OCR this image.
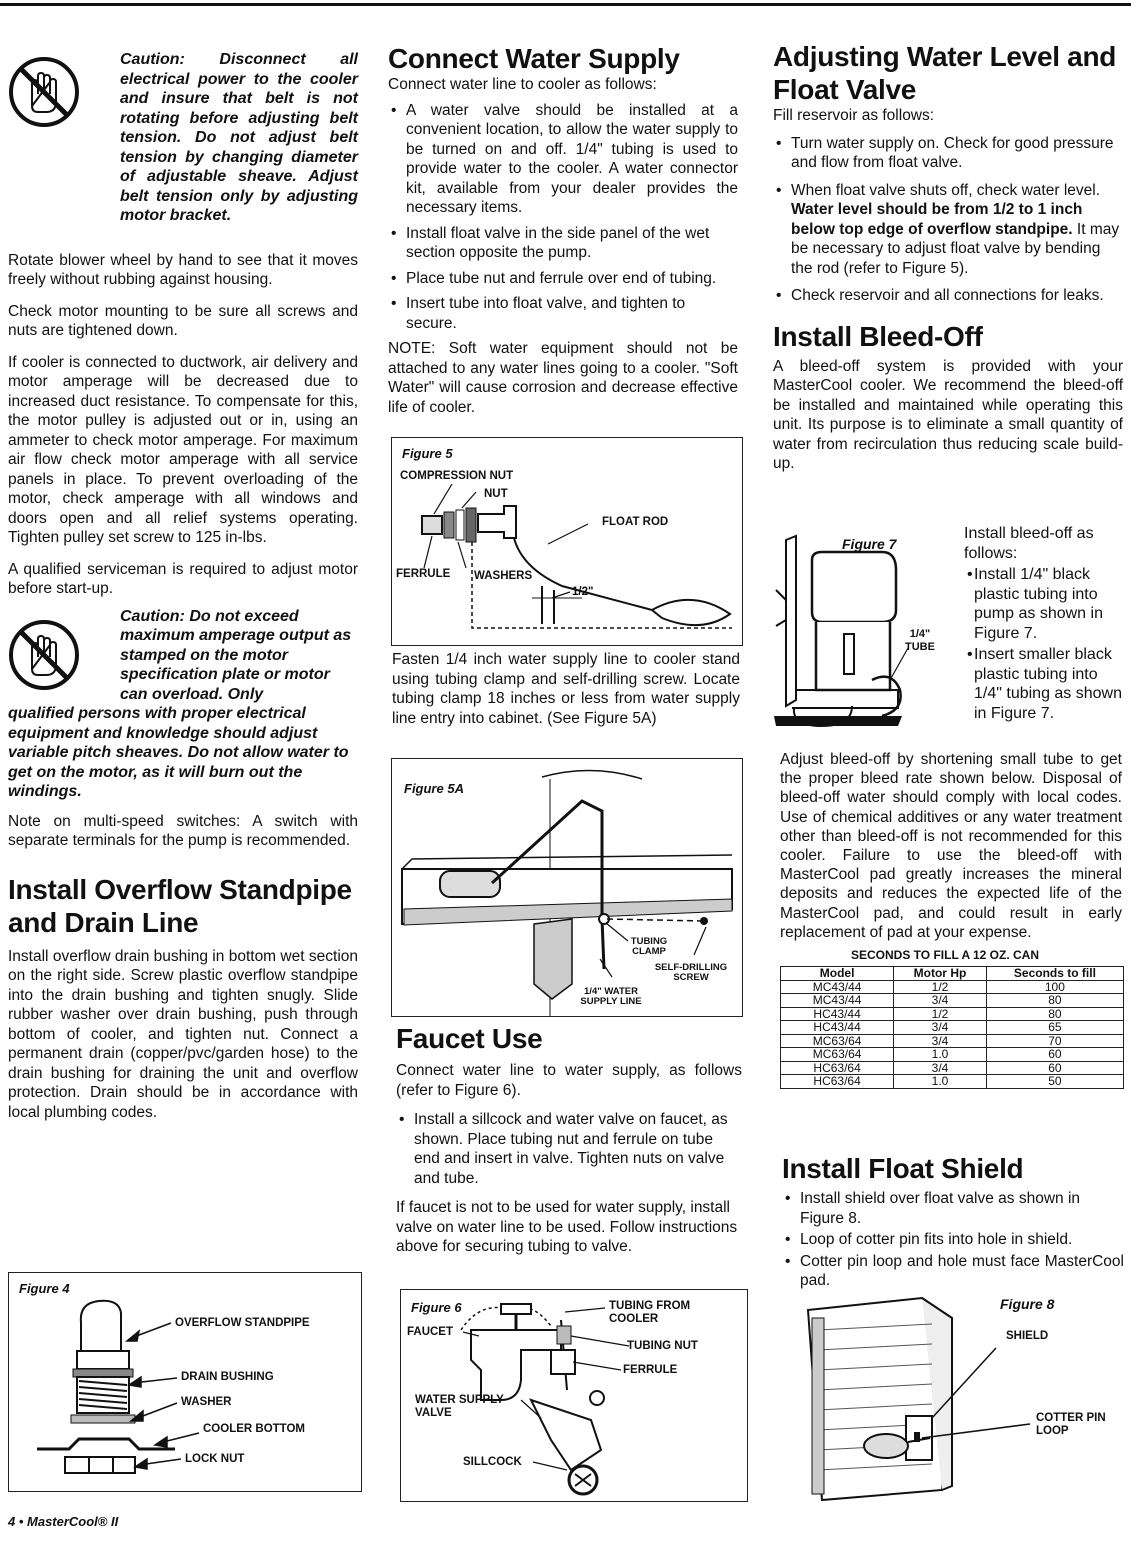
Caution: Disconnect all electrical power to the cooler and insure that belt is not rotating before adjusting belt tension. Do not adjust belt tension by changing diameter of adjustable sheave. Adjust belt tension only by adjusting motor bracket.

Rotate blower wheel by hand to see that it moves freely without rubbing against housing.

Check motor mounting to be sure all screws and nuts are tightened down.

If cooler is connected to ductwork, air delivery and motor amperage will be decreased due to increased duct resistance. To compensate for this, the motor pulley is adjusted out or in, using an ammeter to check motor amperage. For maximum air flow check motor amperage with all service panels in place. To prevent overloading of the motor, check amperage with all windows and doors open and all relief systems operating. Tighten pulley set screw to 125 in-lbs.

A qualified serviceman is required to adjust motor before start-up.

Caution: Do not exceed maximum amperage output as stamped on the motor specification plate or motor can overload. Only

qualified persons with proper electrical equipment and knowledge should adjust variable pitch sheaves. Do not allow water to get on the motor, as it will burn out the windings.

Note on multi-speed switches: A switch with separate terminals for the pump is recommended.

Install Overflow Standpipe and Drain Line

Install overflow drain bushing in bottom wet section on the right side. Screw plastic overflow standpipe into the drain bushing and tighten snugly. Slide rubber washer over drain bushing, push through bottom of cooler, and tighten nut. Connect a permanent drain (copper/pvc/garden hose) to the drain bushing for draining the unit and overflow protection. Drain should be in accordance with local plumbing codes.

Figure 4
OVERFLOW STANDPIPE
DRAIN BUSHING
WASHER
COOLER BOTTOM
LOCK NUT
4 • MasterCool® II
Connect Water Supply

Connect water line to cooler as follows:

• A water valve should be installed at a convenient location, to allow the water supply to be turned on and off. 1/4" tubing is used to provide water to the cooler. A water connector kit, available from your dealer provides the necessary items.
• Install float valve in the side panel of the wet section opposite the pump.
• Place tube nut and ferrule over end of tubing.
• Insert tube into float valve, and tighten to secure.

NOTE: Soft water equipment should not be attached to any water lines going to a cooler. "Soft Water" will cause corrosion and decrease effective life of cooler.

Figure 5
COMPRESSION NUT
NUT
FLOAT ROD
FERRULE WASHERS
1/2"

Fasten 1/4 inch water supply line to cooler stand using tubing clamp and self-drilling screw. Locate tubing clamp 18 inches or less from water supply line entry into cabinet. (See Figure 5A)

Figure 5A
TUBING CLAMP
SELF-DRILLING SCREW
1/4" WATER SUPPLY LINE
Faucet Use

Connect water line to water supply, as follows (refer to Figure 6).

• Install a sillcock and water valve on faucet, as shown. Place tubing nut and ferrule on tube end and insert in valve. Tighten nuts on valve and tube.

If faucet is not to be used for water supply, install valve on water line to be used. Follow instructions above for securing tubing to valve.

Figure 6
FAUCET
TUBING FROM COOLER
TUBING NUT
FERRULE
WATER SUPPLY VALVE
SILLCOCK
Adjusting Water Level and Float Valve

Fill reservoir as follows:

• Turn water supply on. Check for good pressure and flow from float valve.
• When float valve shuts off, check water level. Water level should be from 1/2 to 1 inch below top edge of overflow standpipe. It may be necessary to adjust float valve by bending the rod (refer to Figure 5).
• Check reservoir and all connections for leaks.
Install Bleed-Off

A bleed-off system is provided with your MasterCool cooler. We recommend the bleed-off be installed and maintained while operating this unit. Its purpose is to eliminate a small quantity of water from recirculation thus reducing scale build-up.

Figure 7
1/4" TUBE

Install bleed-off as follows:

• Install 1/4" black plastic tubing into pump as shown in Figure 7.
• Insert smaller black plastic tubing into 1/4" tubing as shown in Figure 7.

Adjust bleed-off by shortening small tube to get the proper bleed rate shown below. Disposal of bleed-off water should comply with local codes. Use of chemical additives or any water treatment other than bleed-off is not recommended for this cooler. Failure to use the bleed-off with MasterCool pad greatly increases the mineral deposits and reduces the expected life of the MasterCool pad, and could result in early replacement of pad at your expense.

SECONDS TO FILL A 12 OZ. CAN
Model	Motor Hp	Seconds to fill
MC43/44	1/2	100
MC43/44	3/4	80
HC43/44	1/2	80
HC43/44	3/4	65
MC63/64	3/4	70
MC63/64	1.0	60
HC63/64	3/4	60
HC63/64	1.0	50
Install Float Shield
• Install shield over float valve as shown in Figure 8.
• Loop of cotter pin fits into hole in shield.
• Cotter pin loop and hole must face MasterCool pad.
Figure 8
SHIELD
COTTER PIN LOOP
